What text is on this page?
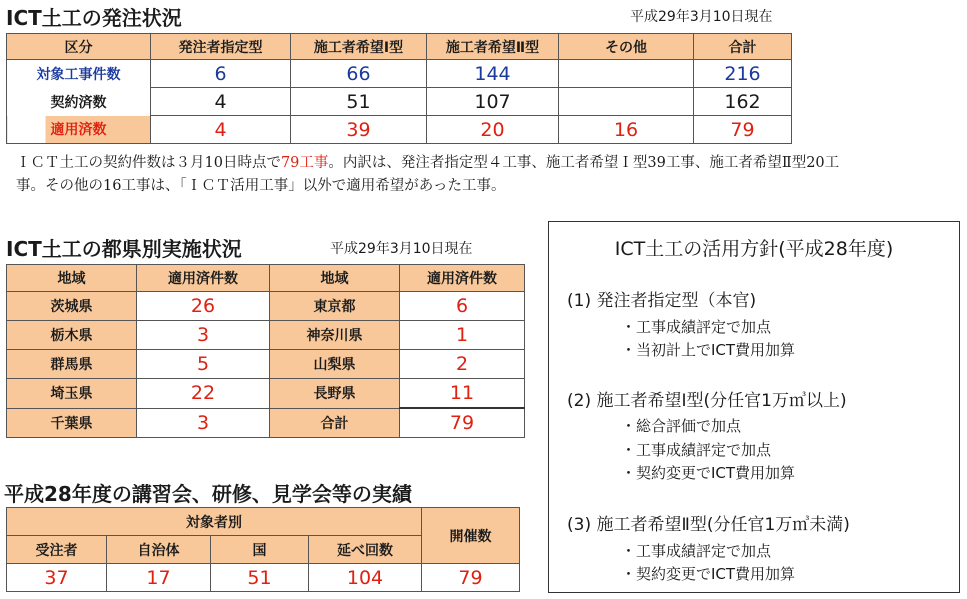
ICT土工の発注状況	平成29年3月10日現在
区分	発注者指定型	施工者希望Ⅰ型	施工者希望Ⅱ型	その他	合計
対象工事件数	6	66	144		216
契約済数	4	51	107		162
適用済数	4	39	20	16	79
ＩＣＴ土工の契約件数は３月10日時点で79工事。内訳は、発注者指定型４工事、施工者希望Ｉ型39工事、施工者希望Ⅱ型20工事。その他の16工事は、「ＩＣＴ活用工事」以外で適用希望があった工事。
ICT土工の都県別実施状況	平成29年3月10日現在
地域	適用済件数	地域	適用済件数
茨城県	26	東京都	6
栃木県	3	神奈川県	1
群馬県	5	山梨県	2
埼玉県	22	長野県	11
千葉県	3	合計	79
平成28年度の講習会、研修、見学会等の実績
対象者別				開催数
受注者	自治体	国	延べ回数	
37	17	51	104	79
ICT土工の活用方針(平成28年度)
(1) 発注者指定型（本官)
・工事成績評定で加点
・当初計上でICT費用加算
(2) 施工者希望Ⅰ型(分任官1万㎥以上)
・総合評価で加点
・工事成績評定で加点
・契約変更でICT費用加算
(3) 施工者希望Ⅱ型(分任官1万㎥未満)
・工事成績評定で加点
・契約変更でICT費用加算
